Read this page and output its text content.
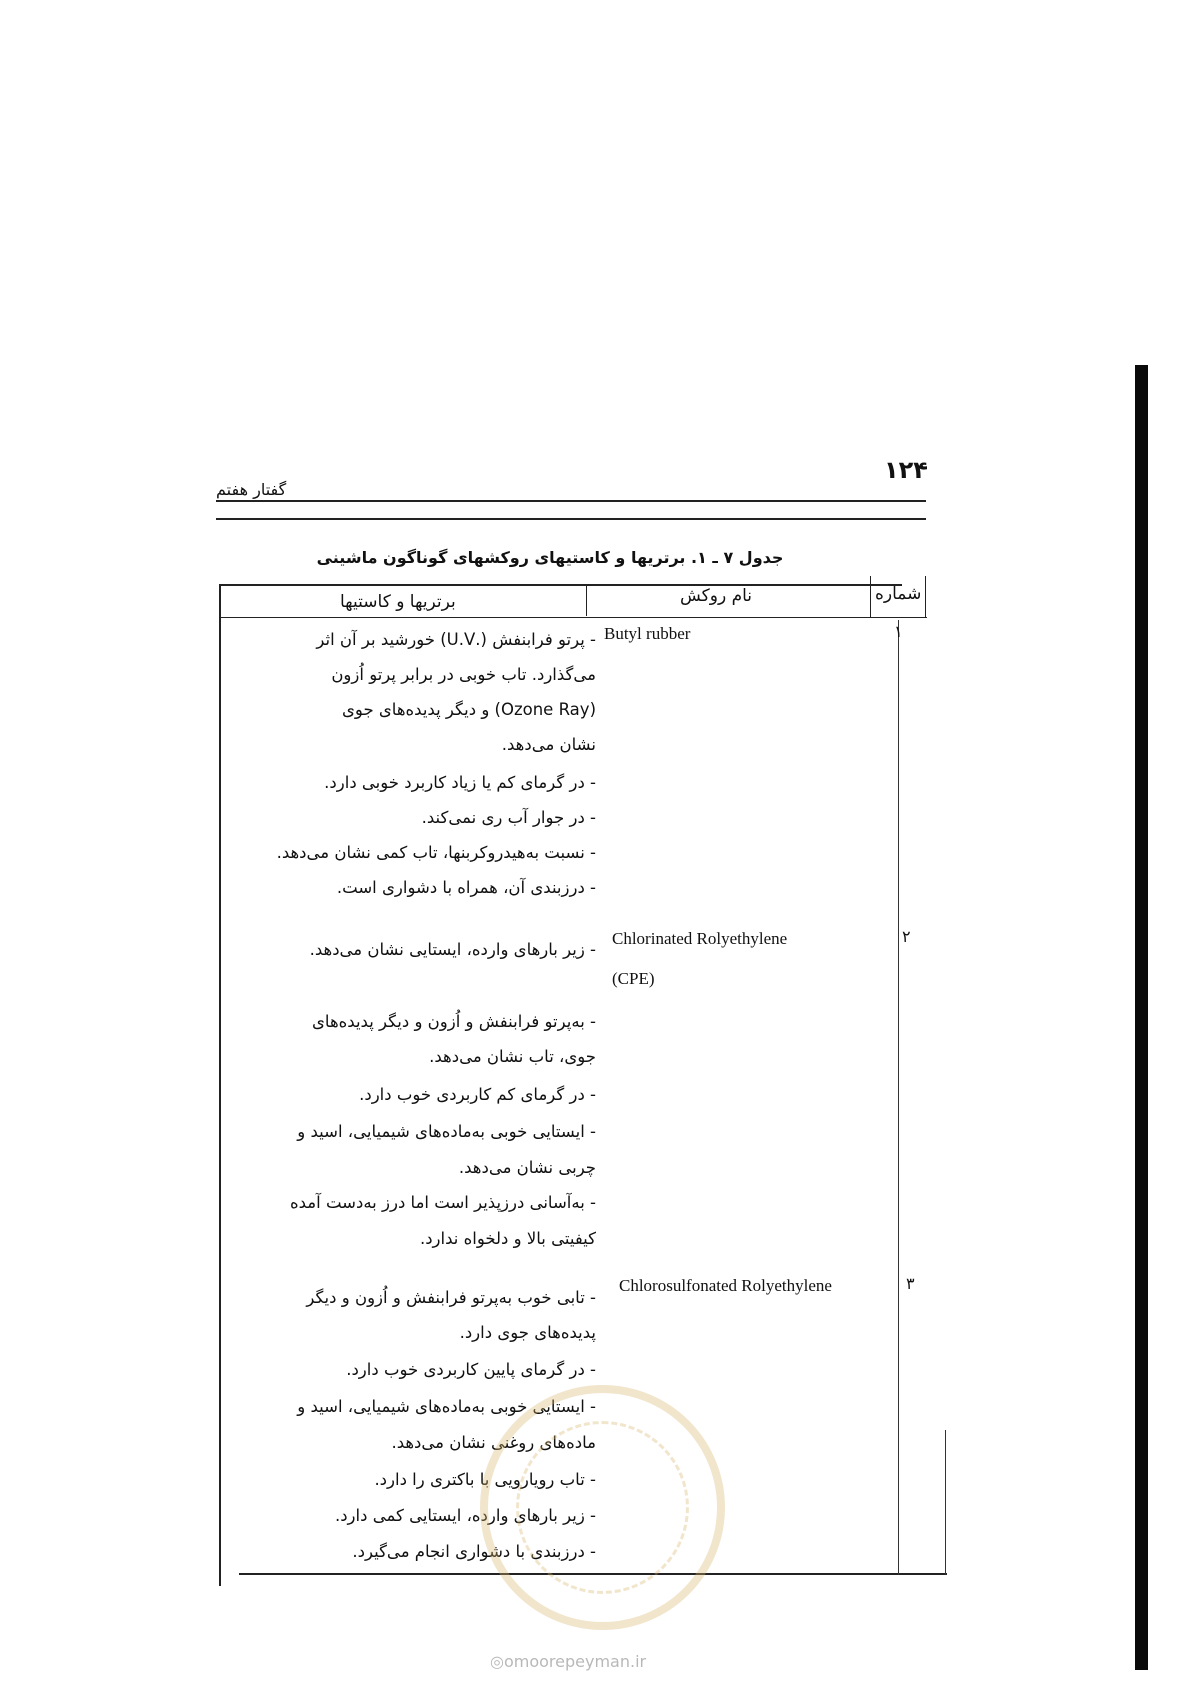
۱۲۴
گفتار هفتم
جدول ۷ ـ ۱. برتریها و کاستیهای روکشهای گوناگون ماشینی
برتریها و کاستیها	نام روکش	شماره
۱
Butyl rubber
- پرتو فرابنفش (.U.V) خورشید بر آن اثر
می‌گذارد. تاب خوبی در برابر پرتو اُزون
(Ozone Ray) و دیگر پدیده‌های جوی
نشان می‌دهد.
- در گرمای کم یا زیاد کاربرد خوبی دارد.
- در جوار آب ری نمی‌کند.
- نسبت به‌هیدروکربنها، تاب کمی نشان می‌دهد.
- درزبندی آن، همراه با دشواری است.
۲
Chlorinated Rolyethylene
(CPE)
- زیر بارهای وارده، ایستایی نشان می‌دهد.
- به‌پرتو فرابنفش و اُزون و دیگر پدیده‌های
جوی، تاب نشان می‌دهد.
- در گرمای کم کاربردی خوب دارد.
- ایستایی خوبی به‌ماده‌های شیمیایی، اسید و
چربی نشان می‌دهد.
- به‌آسانی درزپذیر است اما درز به‌دست آمده
کیفیتی بالا و دلخواه ندارد.
۳
Chlorosulfonated Rolyethylene
- تابی خوب به‌پرتو فرابنفش و اُزون و دیگر
پدیده‌های جوی دارد.
- در گرمای پایین کاربردی خوب دارد.
- ایستایی خوبی به‌ماده‌های شیمیایی، اسید و
ماده‌های روغنی نشان می‌دهد.
- تاب رویارویی با باکتری را دارد.
- زیر بارهای وارده، ایستایی کمی دارد.
- درزبندی با دشواری انجام می‌گیرد.
◎omoorepeyman.ir
